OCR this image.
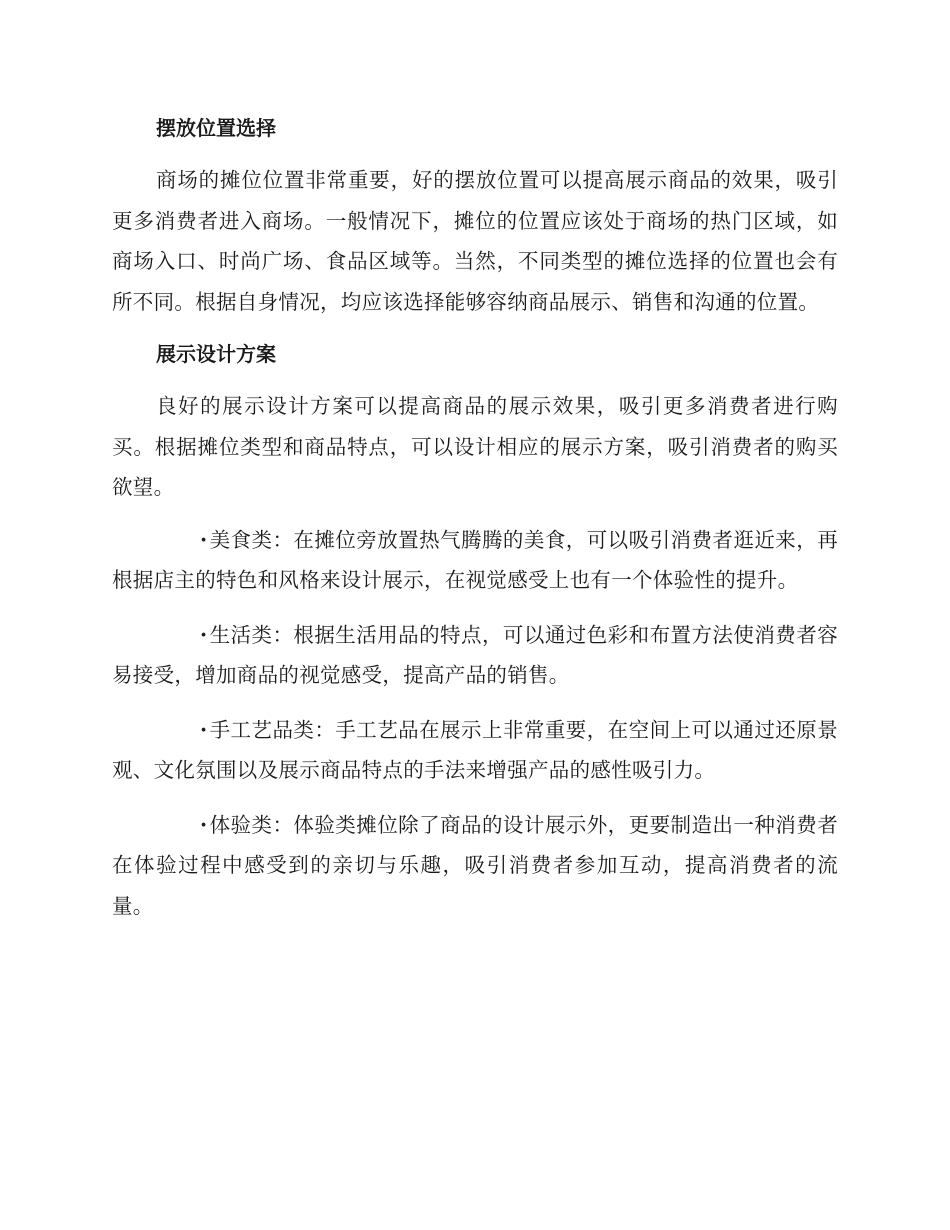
摆放位置选择

商场的摊位位置非常重要，好的摆放位置可以提高展示商品的效果，吸引更多消费者进入商场。一般情况下，摊位的位置应该处于商场的热门区域，如商场入口、时尚广场、食品区域等。当然，不同类型的摊位选择的位置也会有所不同。根据自身情况，均应该选择能够容纳商品展示、销售和沟通的位置。

展示设计方案

良好的展示设计方案可以提高商品的展示效果，吸引更多消费者进行购买。根据摊位类型和商品特点，可以设计相应的展示方案，吸引消费者的购买欲望。

·美食类：在摊位旁放置热气腾腾的美食，可以吸引消费者逛近来，再根据店主的特色和风格来设计展示，在视觉感受上也有一个体验性的提升。

·生活类：根据生活用品的特点，可以通过色彩和布置方法使消费者容易接受，增加商品的视觉感受，提高产品的销售。

·手工艺品类：手工艺品在展示上非常重要，在空间上可以通过还原景观、文化氛围以及展示商品特点的手法来增强产品的感性吸引力。

·体验类：体验类摊位除了商品的设计展示外，更要制造出一种消费者在体验过程中感受到的亲切与乐趣，吸引消费者参加互动，提高消费者的流量。
